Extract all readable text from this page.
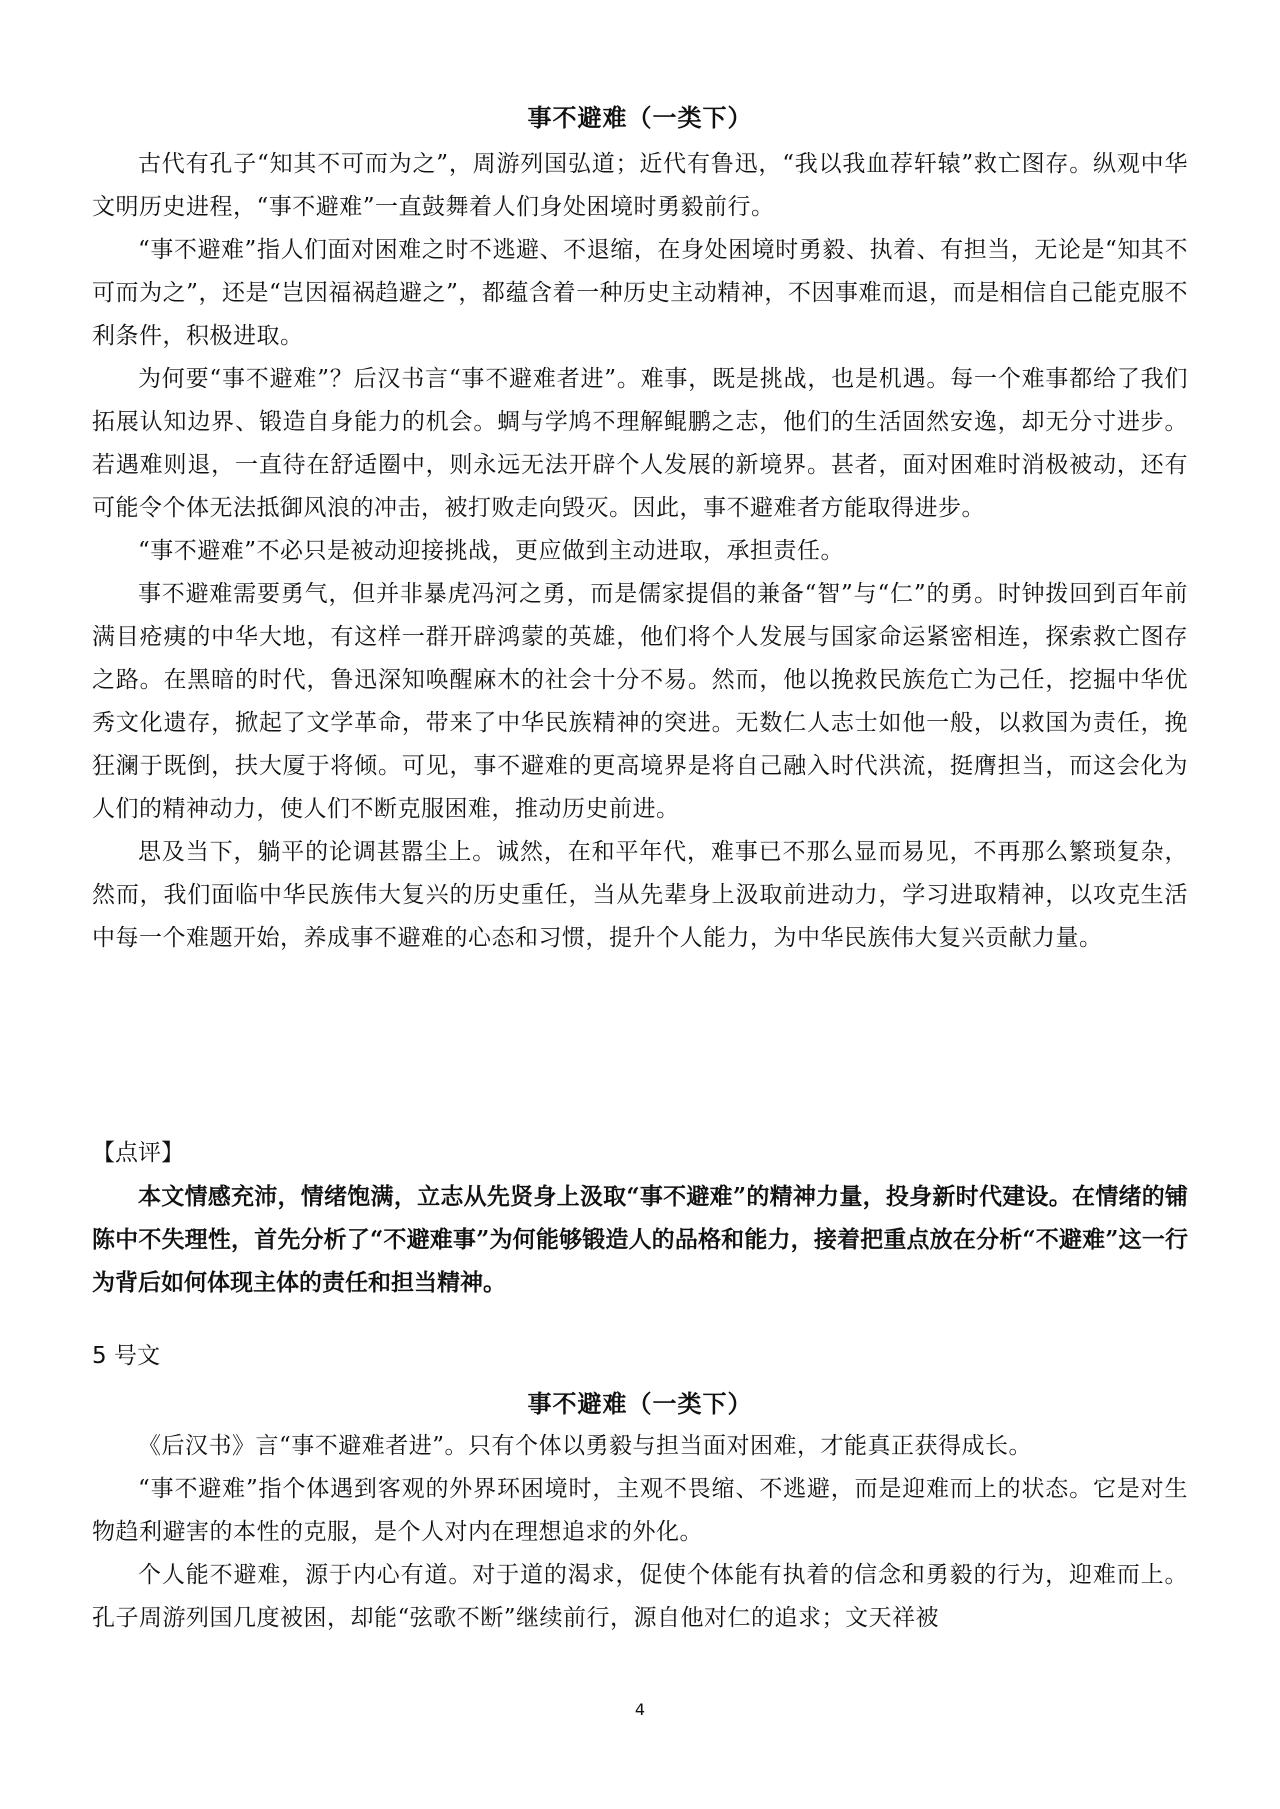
事不避难（一类下）

古代有孔子“知其不可而为之”，周游列国弘道；近代有鲁迅，“我以我血荐轩辕”救亡图存。纵观中华文明历史进程，“事不避难”一直鼓舞着人们身处困境时勇毅前行。

“事不避难”指人们面对困难之时不逃避、不退缩，在身处困境时勇毅、执着、有担当，无论是“知其不可而为之”，还是“岂因福祸趋避之”，都蕴含着一种历史主动精神，不因事难而退，而是相信自己能克服不利条件，积极进取。

为何要“事不避难”？后汉书言“事不避难者进”。难事，既是挑战，也是机遇。每一个难事都给了我们拓展认知边界、锻造自身能力的机会。蜩与学鸠不理解鲲鹏之志，他们的生活固然安逸，却无分寸进步。若遇难则退，一直待在舒适圈中，则永远无法开辟个人发展的新境界。甚者，面对困难时消极被动，还有可能令个体无法抵御风浪的冲击，被打败走向毁灭。因此，事不避难者方能取得进步。

“事不避难”不必只是被动迎接挑战，更应做到主动进取，承担责任。

事不避难需要勇气，但并非暴虎冯河之勇，而是儒家提倡的兼备“智”与“仁”的勇。时钟拨回到百年前满目疮痍的中华大地，有这样一群开辟鸿蒙的英雄，他们将个人发展与国家命运紧密相连，探索救亡图存之路。在黑暗的时代，鲁迅深知唤醒麻木的社会十分不易。然而，他以挽救民族危亡为己任，挖掘中华优秀文化遗存，掀起了文学革命，带来了中华民族精神的突进。无数仁人志士如他一般，以救国为责任，挽狂澜于既倒，扶大厦于将倾。可见，事不避难的更高境界是将自己融入时代洪流，挺膺担当，而这会化为人们的精神动力，使人们不断克服困难，推动历史前进。

思及当下，躺平的论调甚嚣尘上。诚然，在和平年代，难事已不那么显而易见，不再那么繁琐复杂，然而，我们面临中华民族伟大复兴的历史重任，当从先辈身上汲取前进动力，学习进取精神，以攻克生活中每一个难题开始，养成事不避难的心态和习惯，提升个人能力，为中华民族伟大复兴贡献力量。

【点评】

本文情感充沛，情绪饱满，立志从先贤身上汲取“事不避难”的精神力量，投身新时代建设。在情绪的铺陈中不失理性，首先分析了“不避难事”为何能够锻造人的品格和能力，接着把重点放在分析“不避难”这一行为背后如何体现主体的责任和担当精神。

5 号文

事不避难（一类下）

《后汉书》言“事不避难者进”。只有个体以勇毅与担当面对困难，才能真正获得成长。

“事不避难”指个体遇到客观的外界环困境时，主观不畏缩、不逃避，而是迎难而上的状态。它是对生物趋利避害的本性的克服，是个人对内在理想追求的外化。

个人能不避难，源于内心有道。对于道的渴求，促使个体能有执着的信念和勇毅的行为，迎难而上。孔子周游列国几度被困，却能“弦歌不断”继续前行，源自他对仁的追求；文天祥被

4
